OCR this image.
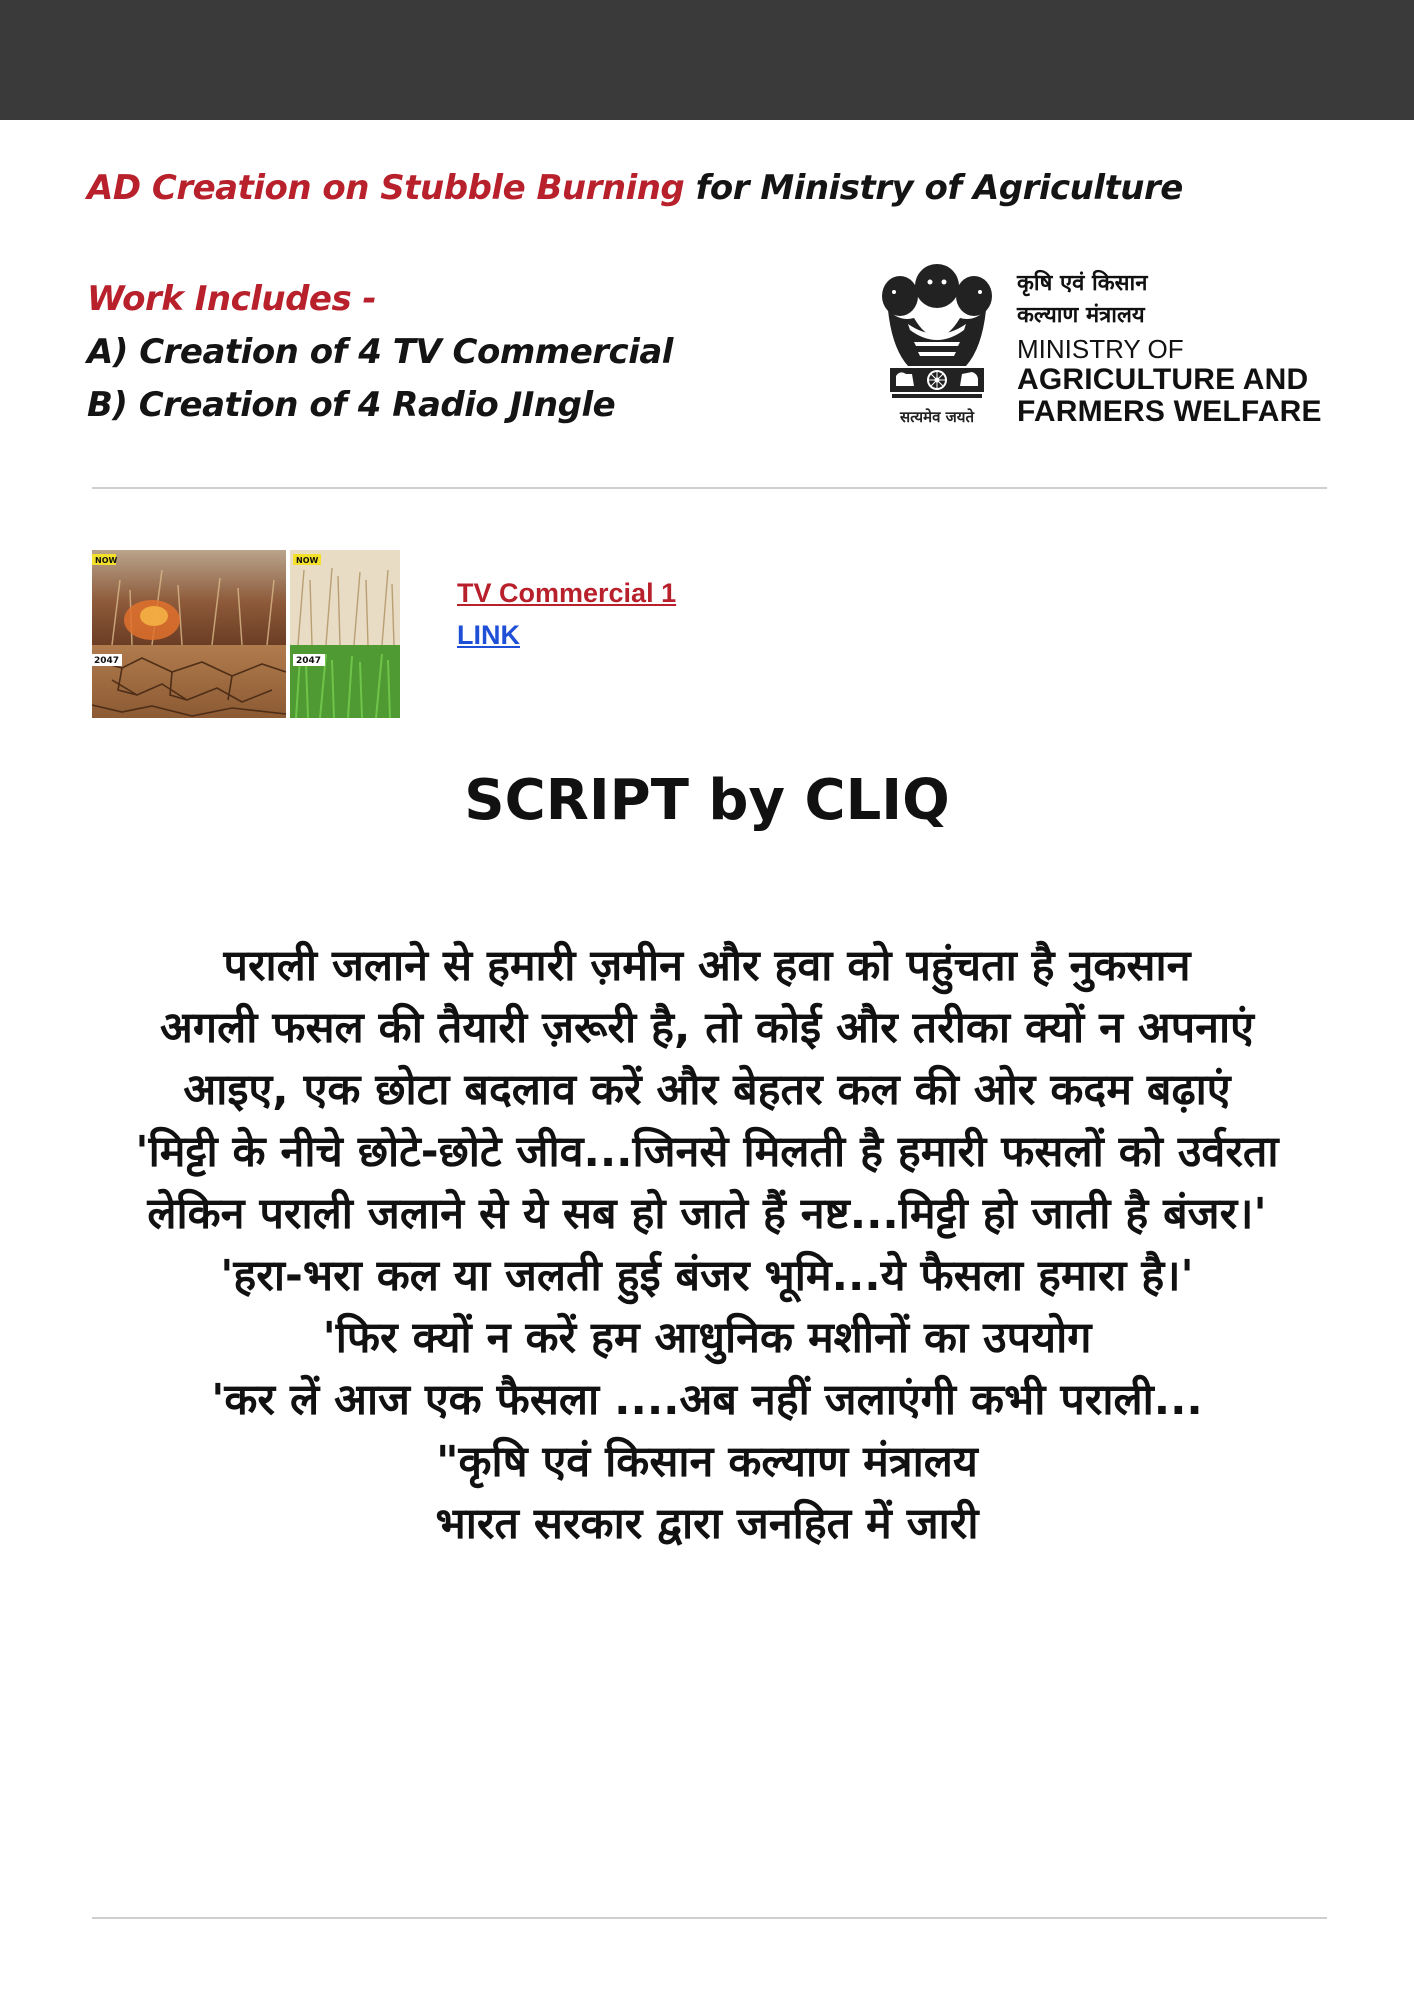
AD Creation on Stubble Burning for Ministry of Agriculture
Work Includes -
A) Creation of 4 TV Commercial
B) Creation of 4 Radio JIngle	सत्यमेव जयते
कृषि एवं किसान
कल्याण मंत्रालय
MINISTRY OF
AGRICULTURE AND
FARMERS WELFARE
NOW
2047
NOW
2047
TV Commercial 1
LINK
SCRIPT by CLIQ
पराली जलाने से हमारी ज़मीन और हवा को पहुंचता है नुकसान
अगली फसल की तैयारी ज़रूरी है, तो कोई और तरीका क्यों न अपनाएं
आइए, एक छोटा बदलाव करें और बेहतर कल की ओर कदम बढ़ाएं
'मिट्टी के नीचे छोटे-छोटे जीव...जिनसे मिलती है हमारी फसलों को उर्वरता
लेकिन पराली जलाने से ये सब हो जाते हैं नष्ट...मिट्टी हो जाती है बंजर।'
'हरा-भरा कल या जलती हुई बंजर भूमि...ये फैसला हमारा है।'
'फिर क्यों न करें हम आधुनिक मशीनों का उपयोग
'कर लें आज एक फैसला ....अब नहीं जलाएंगी कभी पराली...
"कृषि एवं किसान कल्याण मंत्रालय
भारत सरकार द्वारा जनहित में जारी
